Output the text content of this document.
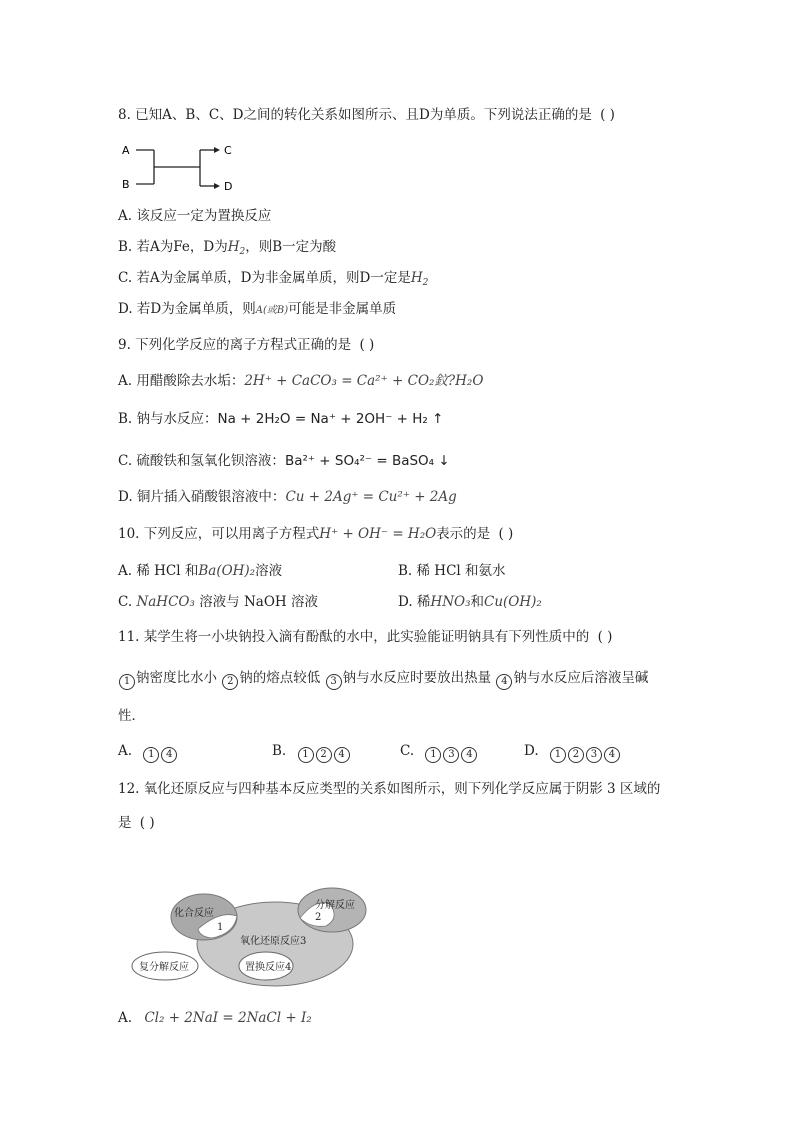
8. 已知A、B、C、D之间的转化关系如图所示、且D为单质。下列说法正确的是 ( )
A
B
C
D
A. 该反应一定为置换反应
B. 若A为Fe，D为$H_2$，则B一定为酸
C. 若A为金属单质，D为非金属单质，则D一定是$H_2$
D. 若D为金属单质，则A(或B)可能是非金属单质
9. 下列化学反应的离子方程式正确的是 ( )
A. 用醋酸除去水垢：2H⁺ + CaCO₃ = Ca²⁺ + CO₂鈫?H₂O
B. 钠与水反应：Na + 2H₂O = Na⁺ + 2OH⁻ + H₂ ↑
C. 硫酸铁和氢氧化钡溶液：Ba²⁺ + SO₄²⁻ = BaSO₄ ↓
D. 铜片插入硝酸银溶液中：Cu + 2Ag⁺ = Cu²⁺ + 2Ag
10. 下列反应，可以用离子方程式H⁺ + OH⁻ = H₂O表示的是 ( )
A. 稀 HCl 和Ba(OH)₂溶液	B. 稀 HCl 和氨水
C. NaHCO₃ 溶液与 NaOH 溶液	D. 稀HNO₃和Cu(OH)₂
11. 某学生将一小块钠投入滴有酚酞的水中，此实验能证明钠具有下列性质中的 ( )
1 钠密度比水小 2 钠的熔点较低 3 钠与水反应时要放出热量 4 钠与水反应后溶液呈碱
性．
A. 1 4	B. 1 2 4	C. 1 3 4	D. 1 2 3 4
12. 氧化还原反应与四种基本反应类型的关系如图所示，则下列化学反应属于阴影 3 区域的
是 ( )
化合反应
分解反应
1
2
氧化还原反应3
置换反应4
复分解反应
A. Cl₂ + 2NaI = 2NaCl + I₂
